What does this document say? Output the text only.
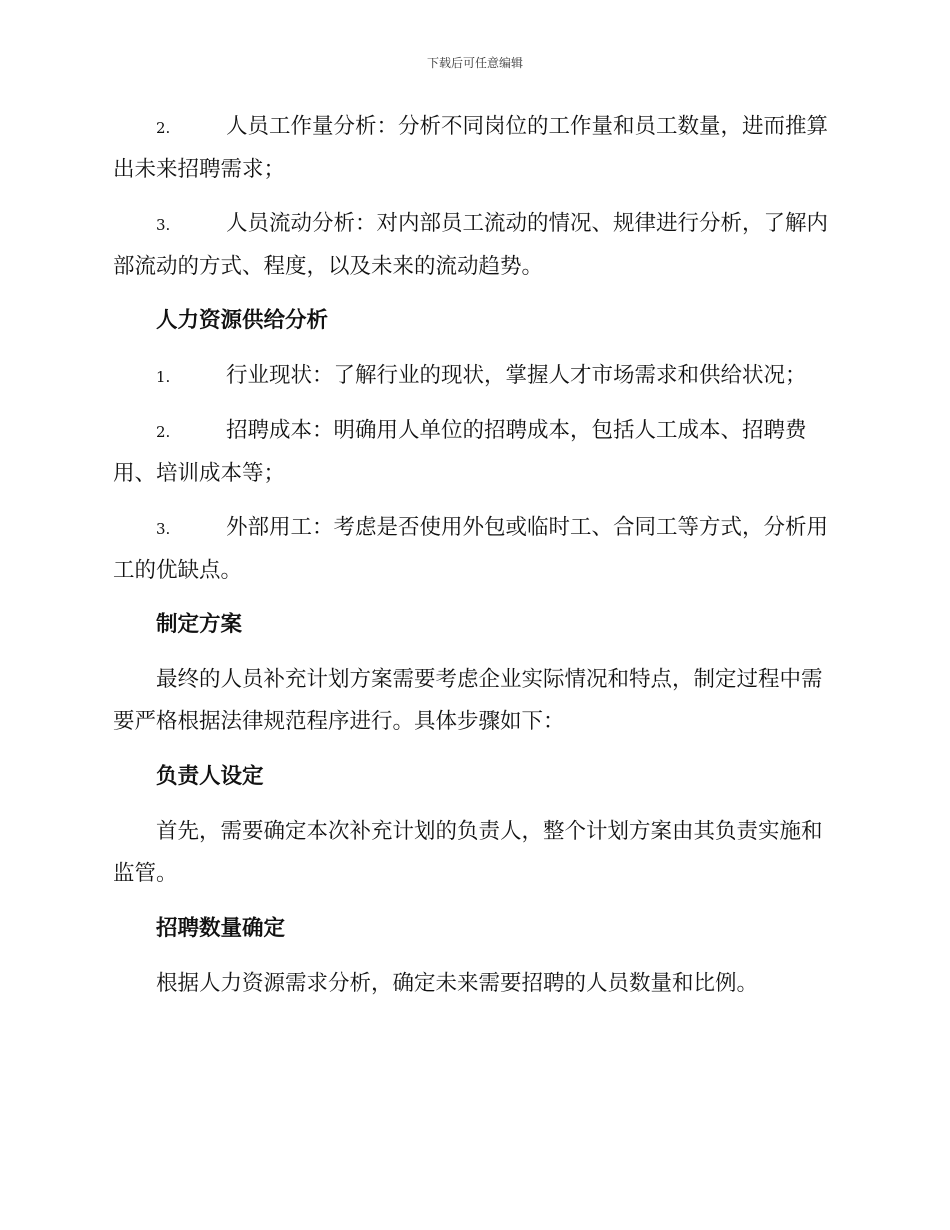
下载后可任意编辑

2.	人员工作量分析：分析不同岗位的工作量和员工数量，进而推算出未来招聘需求；

3.	人员流动分析：对内部员工流动的情况、规律进行分析，了解内部流动的方式、程度，以及未来的流动趋势。

人力资源供给分析

1.	行业现状：了解行业的现状，掌握人才市场需求和供给状况；

2.	招聘成本：明确用人单位的招聘成本，包括人工成本、招聘费用、培训成本等；

3.	外部用工：考虑是否使用外包或临时工、合同工等方式，分析用工的优缺点。

制定方案

最终的人员补充计划方案需要考虑企业实际情况和特点，制定过程中需要严格根据法律规范程序进行。具体步骤如下：

负责人设定

首先，需要确定本次补充计划的负责人，整个计划方案由其负责实施和监管。

招聘数量确定

根据人力资源需求分析，确定未来需要招聘的人员数量和比例。
